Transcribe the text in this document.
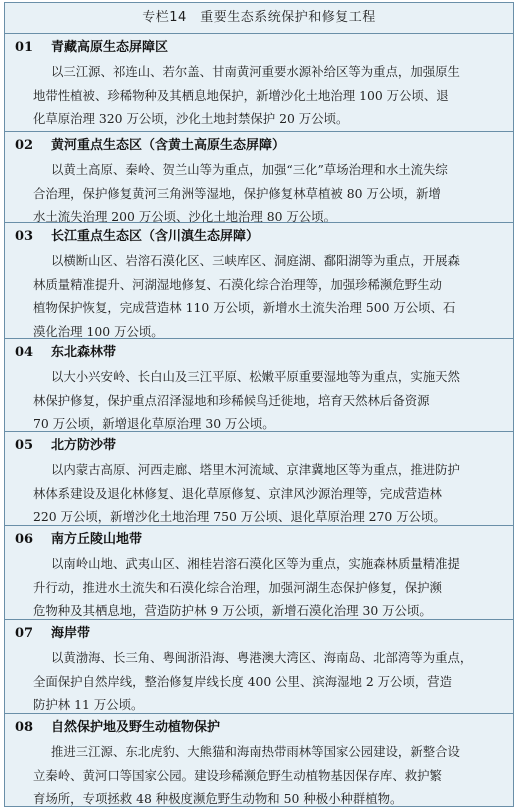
专栏14　重要生态系统保护和修复工程
01 青藏高原生态屏障区
以三江源、祁连山、若尔盖、甘南黄河重要水源补给区等为重点，加强原生
地带性植被、珍稀物种及其栖息地保护，新增沙化土地治理 100 万公顷、退
化草原治理 320 万公顷，沙化土地封禁保护 20 万公顷。
02 黄河重点生态区（含黄土高原生态屏障）
以黄土高原、秦岭、贺兰山等为重点，加强“三化”草场治理和水土流失综
合治理，保护修复黄河三角洲等湿地，保护修复林草植被 80 万公顷，新增
水土流失治理 200 万公顷、沙化土地治理 80 万公顷。
03 长江重点生态区（含川滇生态屏障）
以横断山区、岩溶石漠化区、三峡库区、洞庭湖、鄱阳湖等为重点，开展森
林质量精准提升、河湖湿地修复、石漠化综合治理等，加强珍稀濒危野生动
植物保护恢复，完成营造林 110 万公顷，新增水土流失治理 500 万公顷、石
漠化治理 100 万公顷。
04 东北森林带
以大小兴安岭、长白山及三江平原、松嫩平原重要湿地等为重点，实施天然
林保护修复，保护重点沼泽湿地和珍稀候鸟迁徙地，培育天然林后备资源
70 万公顷，新增退化草原治理 30 万公顷。
05 北方防沙带
以内蒙古高原、河西走廊、塔里木河流域、京津冀地区等为重点，推进防护
林体系建设及退化林修复、退化草原修复、京津风沙源治理等，完成营造林
220 万公顷，新增沙化土地治理 750 万公顷、退化草原治理 270 万公顷。
06 南方丘陵山地带
以南岭山地、武夷山区、湘桂岩溶石漠化区等为重点，实施森林质量精准提
升行动，推进水土流失和石漠化综合治理，加强河湖生态保护修复，保护濒
危物种及其栖息地，营造防护林 9 万公顷，新增石漠化治理 30 万公顷。
07 海岸带
以黄渤海、长三角、粤闽浙沿海、粤港澳大湾区、海南岛、北部湾等为重点，
全面保护自然岸线，整治修复岸线长度 400 公里、滨海湿地 2 万公顷，营造
防护林 11 万公顷。
08 自然保护地及野生动植物保护
推进三江源、东北虎豹、大熊猫和海南热带雨林等国家公园建设，新整合设
立秦岭、黄河口等国家公园。建设珍稀濒危野生动植物基因保存库、救护繁
育场所，专项拯救 48 种极度濒危野生动物和 50 种极小种群植物。
